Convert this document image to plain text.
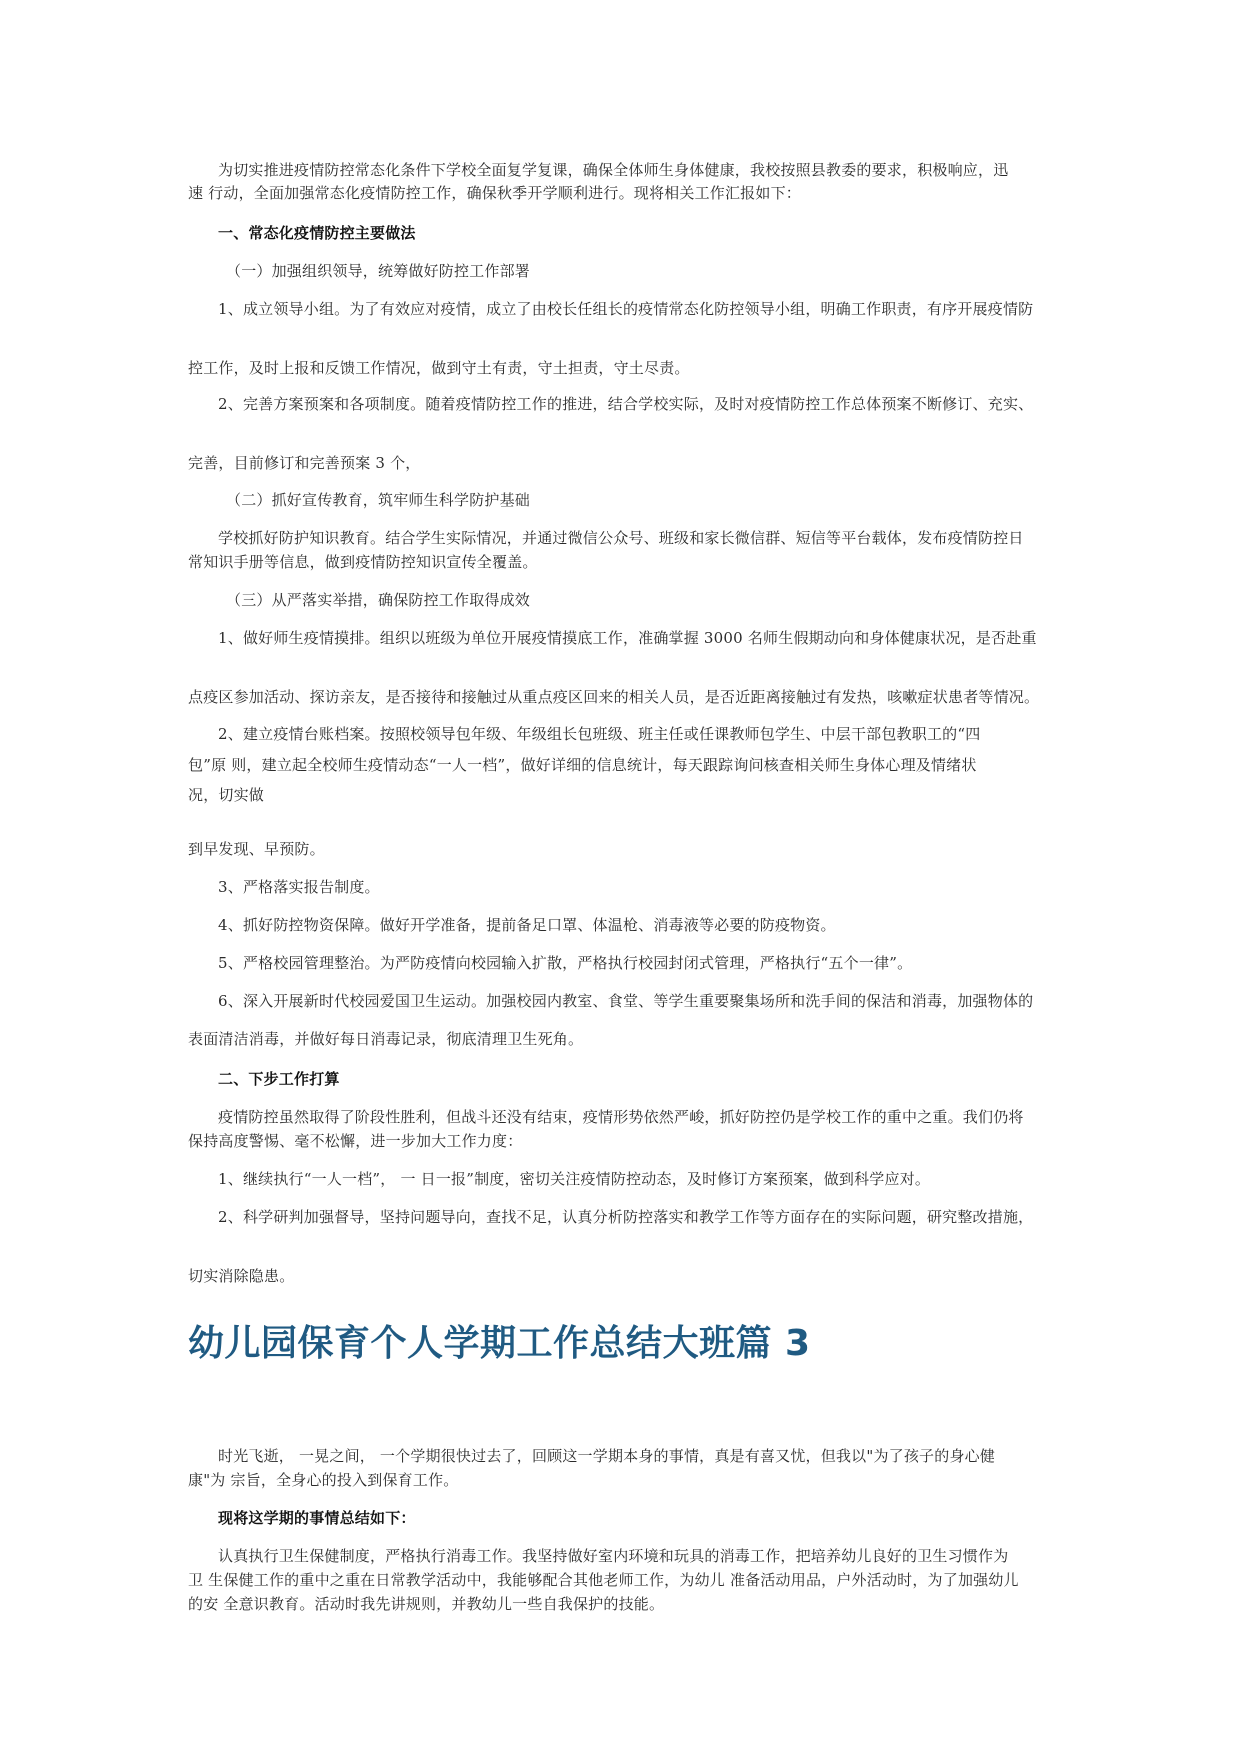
为切实推进疫情防控常态化条件下学校全面复学复课，确保全体师生身体健康，我校按照县教委的要求，积极响应，迅

速 行动，全面加强常态化疫情防控工作，确保秋季开学顺利进行。现将相关工作汇报如下：

一、常态化疫情防控主要做法

（一）加强组织领导，统筹做好防控工作部署

1、成立领导小组。为了有效应对疫情，成立了由校长任组长的疫情常态化防控领导小组，明确工作职责，有序开展疫情防

控工作，及时上报和反馈工作情况，做到守土有责，守土担责，守土尽责。

2、完善方案预案和各项制度。随着疫情防控工作的推进，结合学校实际，及时对疫情防控工作总体预案不断修订、充实、

完善，目前修订和完善预案 3 个，

（二）抓好宣传教育，筑牢师生科学防护基础

学校抓好防护知识教育。结合学生实际情况，并通过微信公众号、班级和家长微信群、短信等平台载体，发布疫情防控日

常知识手册等信息，做到疫情防控知识宣传全覆盖。

（三）从严落实举措，确保防控工作取得成效

1、做好师生疫情摸排。组织以班级为单位开展疫情摸底工作，准确掌握 3000 名师生假期动向和身体健康状况，是否赴重

点疫区参加活动、探访亲友，是否接待和接触过从重点疫区回来的相关人员，是否近距离接触过有发热，咳嗽症状患者等情况。

2、建立疫情台账档案。按照校领导包年级、年级组长包班级、班主任或任课教师包学生、中层干部包教职工的“四

包”原 则，建立起全校师生疫情动态“一人一档”，做好详细的信息统计，每天跟踪询问核查相关师生身体心理及情绪状

况，切实做

到早发现、早预防。

3、严格落实报告制度。

4、抓好防控物资保障。做好开学准备，提前备足口罩、体温枪、消毒液等必要的防疫物资。

5、严格校园管理整治。为严防疫情向校园输入扩散，严格执行校园封闭式管理，严格执行“五个一律”。

6、深入开展新时代校园爱国卫生运动。加强校园内教室、食堂、等学生重要聚集场所和洗手间的保洁和消毒，加强物体的

表面清洁消毒，并做好每日消毒记录，彻底清理卫生死角。

二、下步工作打算

疫情防控虽然取得了阶段性胜利，但战斗还没有结束，疫情形势依然严峻，抓好防控仍是学校工作的重中之重。我们仍将

保持高度警惕、毫不松懈，进一步加大工作力度：

1、继续执行“一人一档”， 一 日一报”制度，密切关注疫情防控动态，及时修订方案预案，做到科学应对。

2、科学研判加强督导，坚持问题导向，查找不足，认真分析防控落实和教学工作等方面存在的实际问题，研究整改措施，

切实消除隐患。

幼儿园保育个人学期工作总结大班篇 3

时光飞逝， 一晃之间， 一个学期很快过去了，回顾这一学期本身的事情，真是有喜又忧，但我以"为了孩子的身心健

康"为 宗旨，全身心的投入到保育工作。

现将这学期的事情总结如下：

认真执行卫生保健制度，严格执行消毒工作。我坚持做好室内环境和玩具的消毒工作，把培养幼儿良好的卫生习惯作为

卫 生保健工作的重中之重在日常教学活动中，我能够配合其他老师工作，为幼儿 准备活动用品，户外活动时，为了加强幼儿

的安 全意识教育。活动时我先讲规则，并教幼儿一些自我保护的技能。
